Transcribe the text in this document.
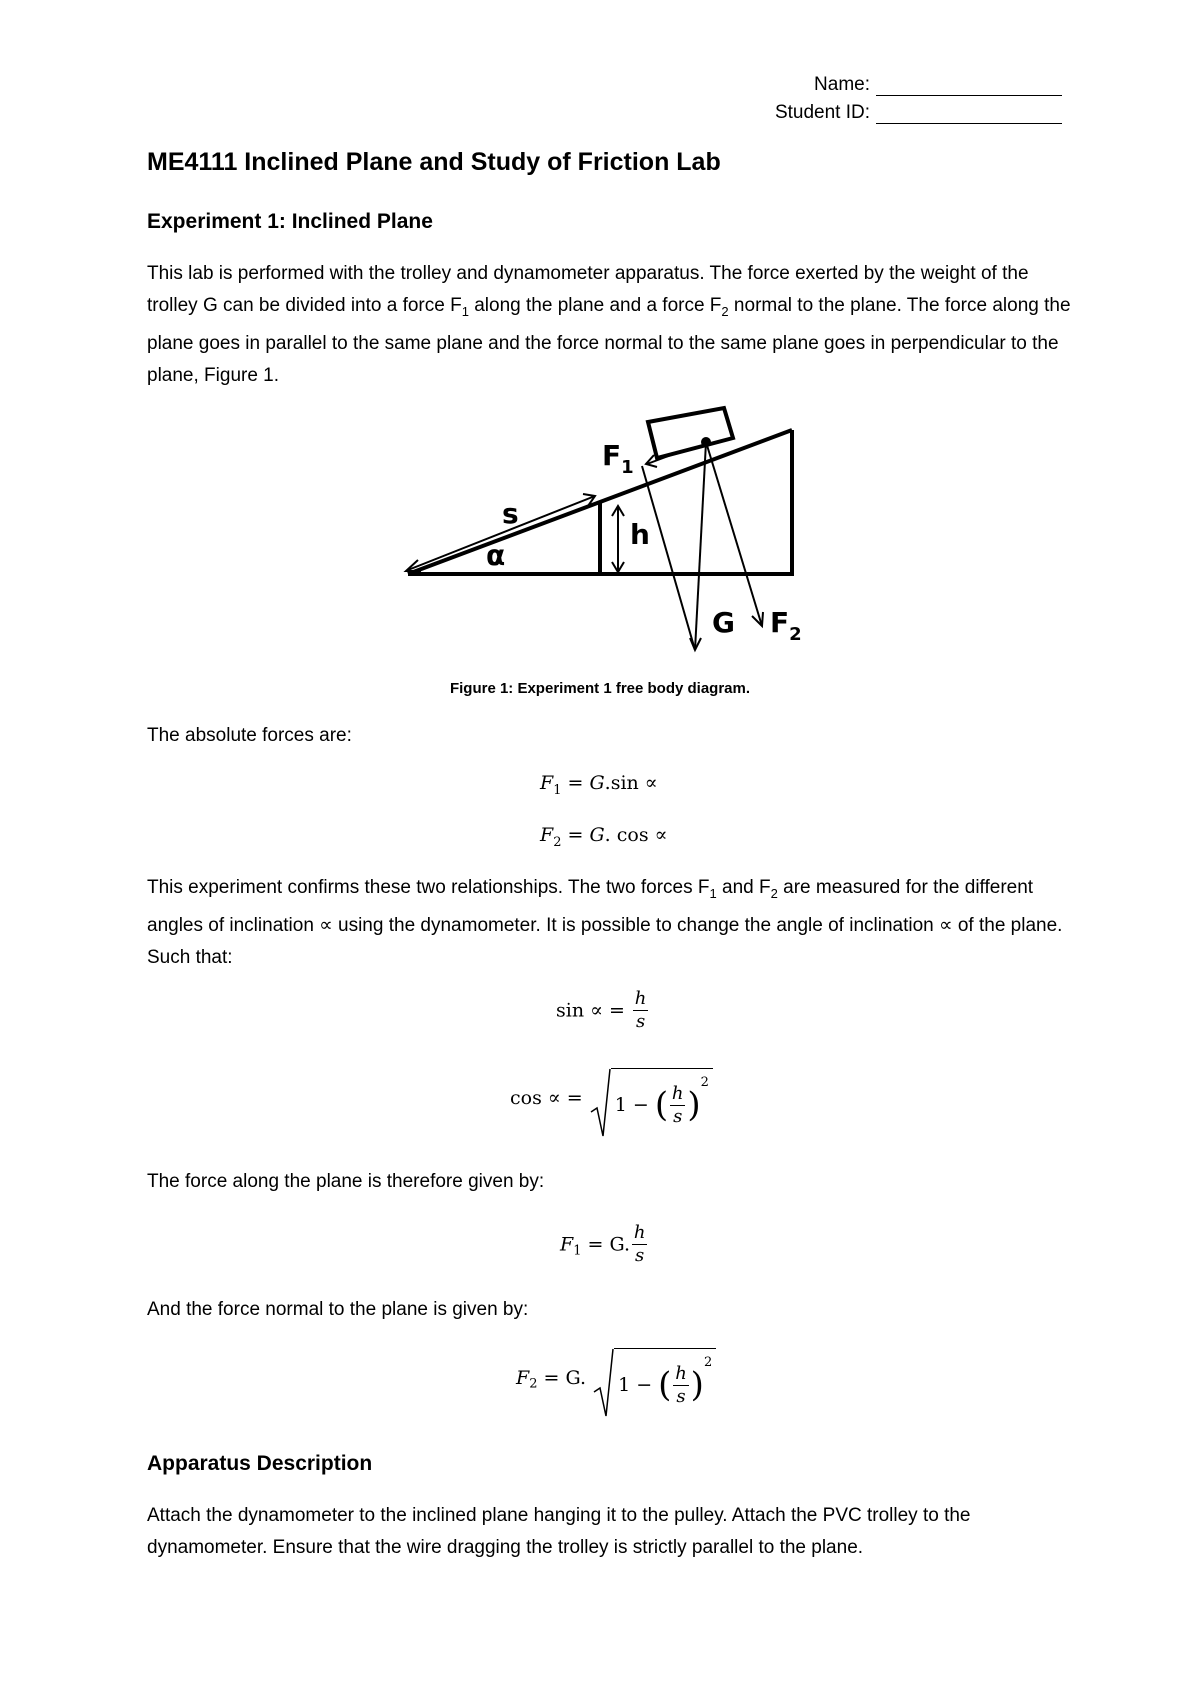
Name:
Student ID:
ME4111 Inclined Plane and Study of Friction Lab
Experiment 1: Inclined Plane
This lab is performed with the trolley and dynamometer apparatus. The force exerted by the weight of the trolley G can be divided into a force $F_1$ along the plane and a force $F_2$ normal to the plane. The force along the plane goes in parallel to the same plane and the force normal to the same plane goes in perpendicular to the plane, Figure 1.
s
α
h
$F_1$
G $F_2$
Figure 1: Experiment 1 free body diagram.
The absolute forces are:
$F_1 = G.\sin$ ∝
$F_2 = G$. cos ∝
This experiment confirms these two relationships. The two forces $F_1$ and $F_2$ are measured for the different angles of inclination ∝ using the dynamometer. It is possible to change the angle of inclination ∝ of the plane. Such that:
sin ∝ = $\frac{h}{s}$
cos ∝ =
1 − ( $\frac{h}{s} )^2$
The force along the plane is therefore given by:
$F_1 = G$. $\frac{h}{s}$
And the force normal to the plane is given by:
$F_2 = G$.
1 − ( $\frac{h}{s} )^2$
Apparatus Description
Attach the dynamometer to the inclined plane hanging it to the pulley. Attach the PVC trolley to the dynamometer. Ensure that the wire dragging the trolley is strictly parallel to the plane.
